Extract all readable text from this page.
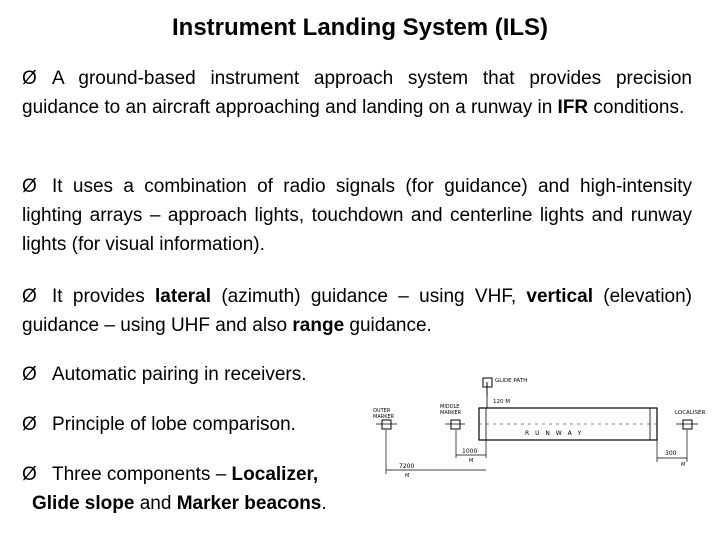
Instrument Landing System (ILS)
Ø A ground-based instrument approach system that provides precision guidance to an aircraft approaching and landing on a runway in IFR conditions.
Ø It uses a combination of radio signals (for guidance) and high-intensity lighting arrays – approach lights, touchdown and centerline lights and runway lights (for visual information).
Ø It provides lateral (azimuth) guidance – using VHF, vertical (elevation) guidance – using UHF and also range guidance.
Ø Automatic pairing in receivers.
Ø Principle of lobe comparison.
Ø Three components – Localizer,
Glide slope and Marker beacons.
GLIDE PATH
120 M
R U N W A Y
OUTER
MARKER
MIDDLE
MARKER	LOCALISER
1000
M
7200
M
300
M
